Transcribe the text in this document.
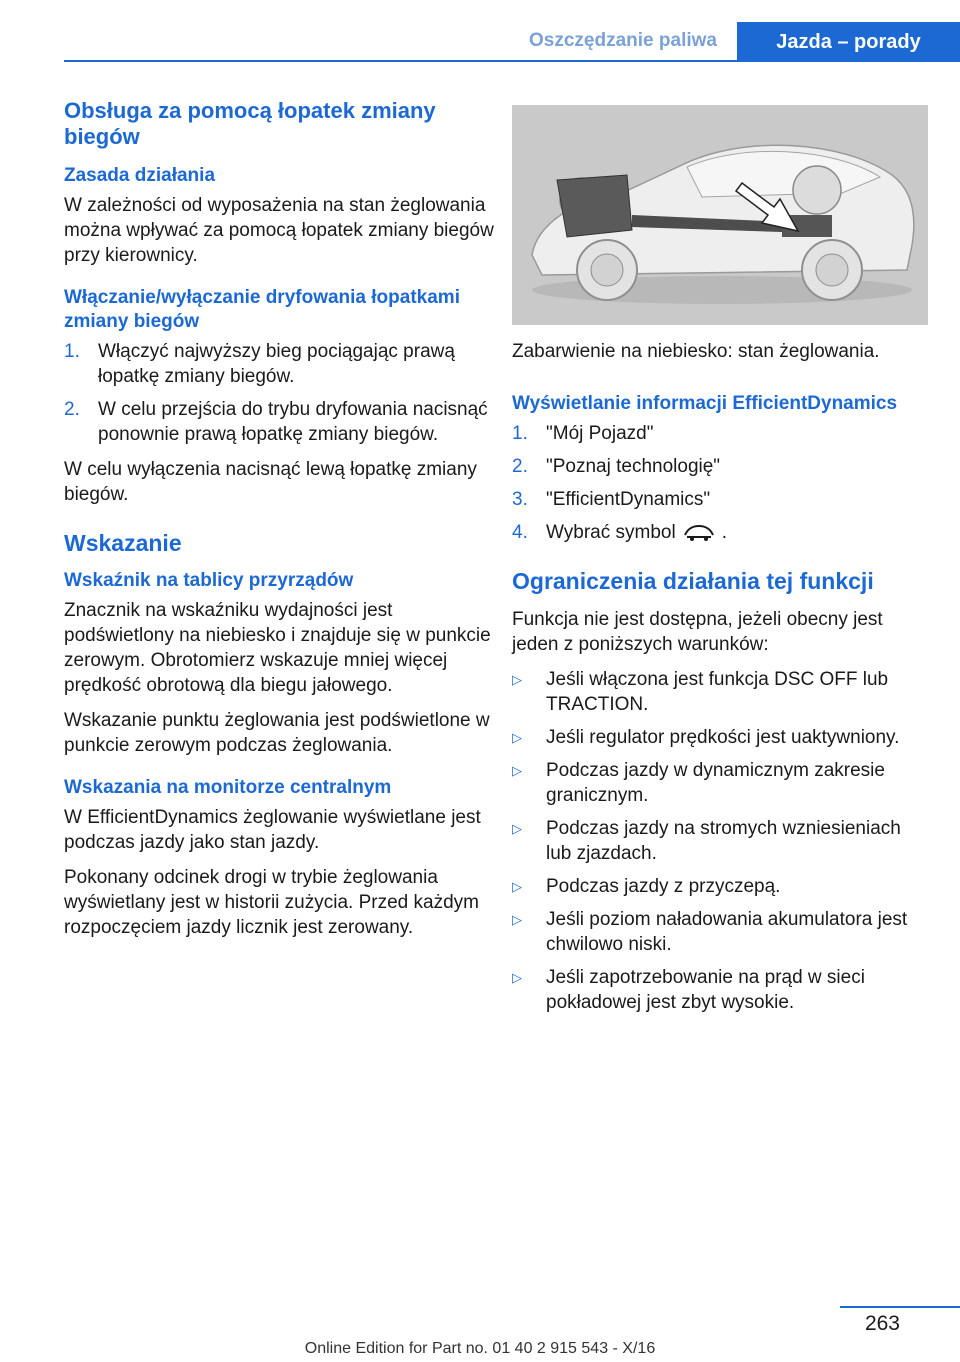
Oszczędzanie paliwa	Jazda – porady
Obsługa za pomocą łopatek zmiany biegów
Zasada działania

W zależności od wyposażenia na stan żeglowania można wpływać za pomocą łopatek zmiany biegów przy kierownicy.

Włączanie/wyłączanie dryfowania łopatkami zmiany biegów
1. Włączyć najwyższy bieg pociągając prawą łopatkę zmiany biegów.
2. W celu przejścia do trybu dryfowania nacisnąć ponownie prawą łopatkę zmiany biegów.

W celu wyłączenia nacisnąć lewą łopatkę zmiany biegów.

Wskazanie
Wskaźnik na tablicy przyrządów

Znacznik na wskaźniku wydajności jest podświetlony na niebiesko i znajduje się w punkcie zerowym. Obrotomierz wskazuje mniej więcej prędkość obrotową dla biegu jałowego.

Wskazanie punktu żeglowania jest podświetlone w punkcie zerowym podczas żeglowania.

Wskazania na monitorze centralnym

W EfficientDynamics żeglowanie wyświetlane jest podczas jazdy jako stan jazdy.

Pokonany odcinek drogi w trybie żeglowania wyświetlany jest w historii zużycia. Przed każdym rozpoczęciem jazdy licznik jest zerowany.

Zabarwienie na niebiesko: stan żeglowania.

Wyświetlanie informacji EfficientDynamics
1. "Mój Pojazd"
2. "Poznaj technologię"
3. "EfficientDynamics"
4. Wybrać symbol .
Ograniczenia działania tej funkcji

Funkcja nie jest dostępna, jeżeli obecny jest jeden z poniższych warunków:

▷ Jeśli włączona jest funkcja DSC OFF lub TRACTION.
▷ Jeśli regulator prędkości jest uaktywniony.
▷ Podczas jazdy w dynamicznym zakresie granicznym.
▷ Podczas jazdy na stromych wzniesieniach lub zjazdach.
▷ Podczas jazdy z przyczepą.
▷ Jeśli poziom naładowania akumulatora jest chwilowo niski.
▷ Jeśli zapotrzebowanie na prąd w sieci pokładowej jest zbyt wysokie.
263
Online Edition for Part no. 01 40 2 915 543 - X/16
